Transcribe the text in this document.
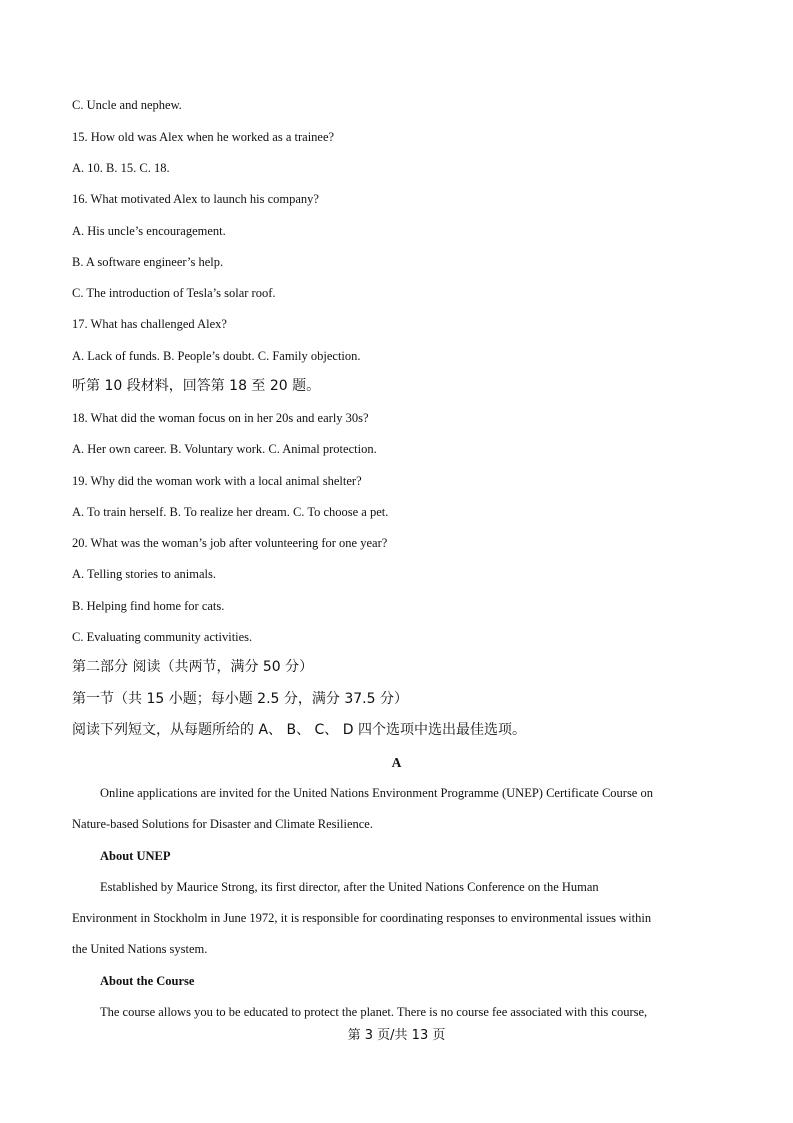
C. Uncle and nephew.
15. How old was Alex when he worked as a trainee?
A. 10. B. 15. C. 18.
16. What motivated Alex to launch his company?
A. His uncle’s encouragement.
B. A software engineer’s help.
C. The introduction of Tesla’s solar roof.
17. What has challenged Alex?
A. Lack of funds. B. People’s doubt. C. Family objection.
听第 10 段材料，回答第 18 至 20 题。
18. What did the woman focus on in her 20s and early 30s?
A. Her own career. B. Voluntary work. C. Animal protection.
19. Why did the woman work with a local animal shelter?
A. To train herself. B. To realize her dream. C. To choose a pet.
20. What was the woman’s job after volunteering for one year?
A. Telling stories to animals.
B. Helping find home for cats.
C. Evaluating community activities.
第二部分 阅读（共两节，满分 50 分）
第一节（共 15 小题；每小题 2.5 分，满分 37.5 分）
阅读下列短文，从每题所给的 A、 B、 C、 D 四个选项中选出最佳选项。
A
Online applications are invited for the United Nations Environment Programme (UNEP) Certificate Course on
Nature-based Solutions for Disaster and Climate Resilience.
About UNEP
Established by Maurice Strong, its first director, after the United Nations Conference on the Human
Environment in Stockholm in June 1972, it is responsible for coordinating responses to environmental issues within
the United Nations system.
About the Course
The course allows you to be educated to protect the planet. There is no course fee associated with this course,
第 3 页/共 13 页
